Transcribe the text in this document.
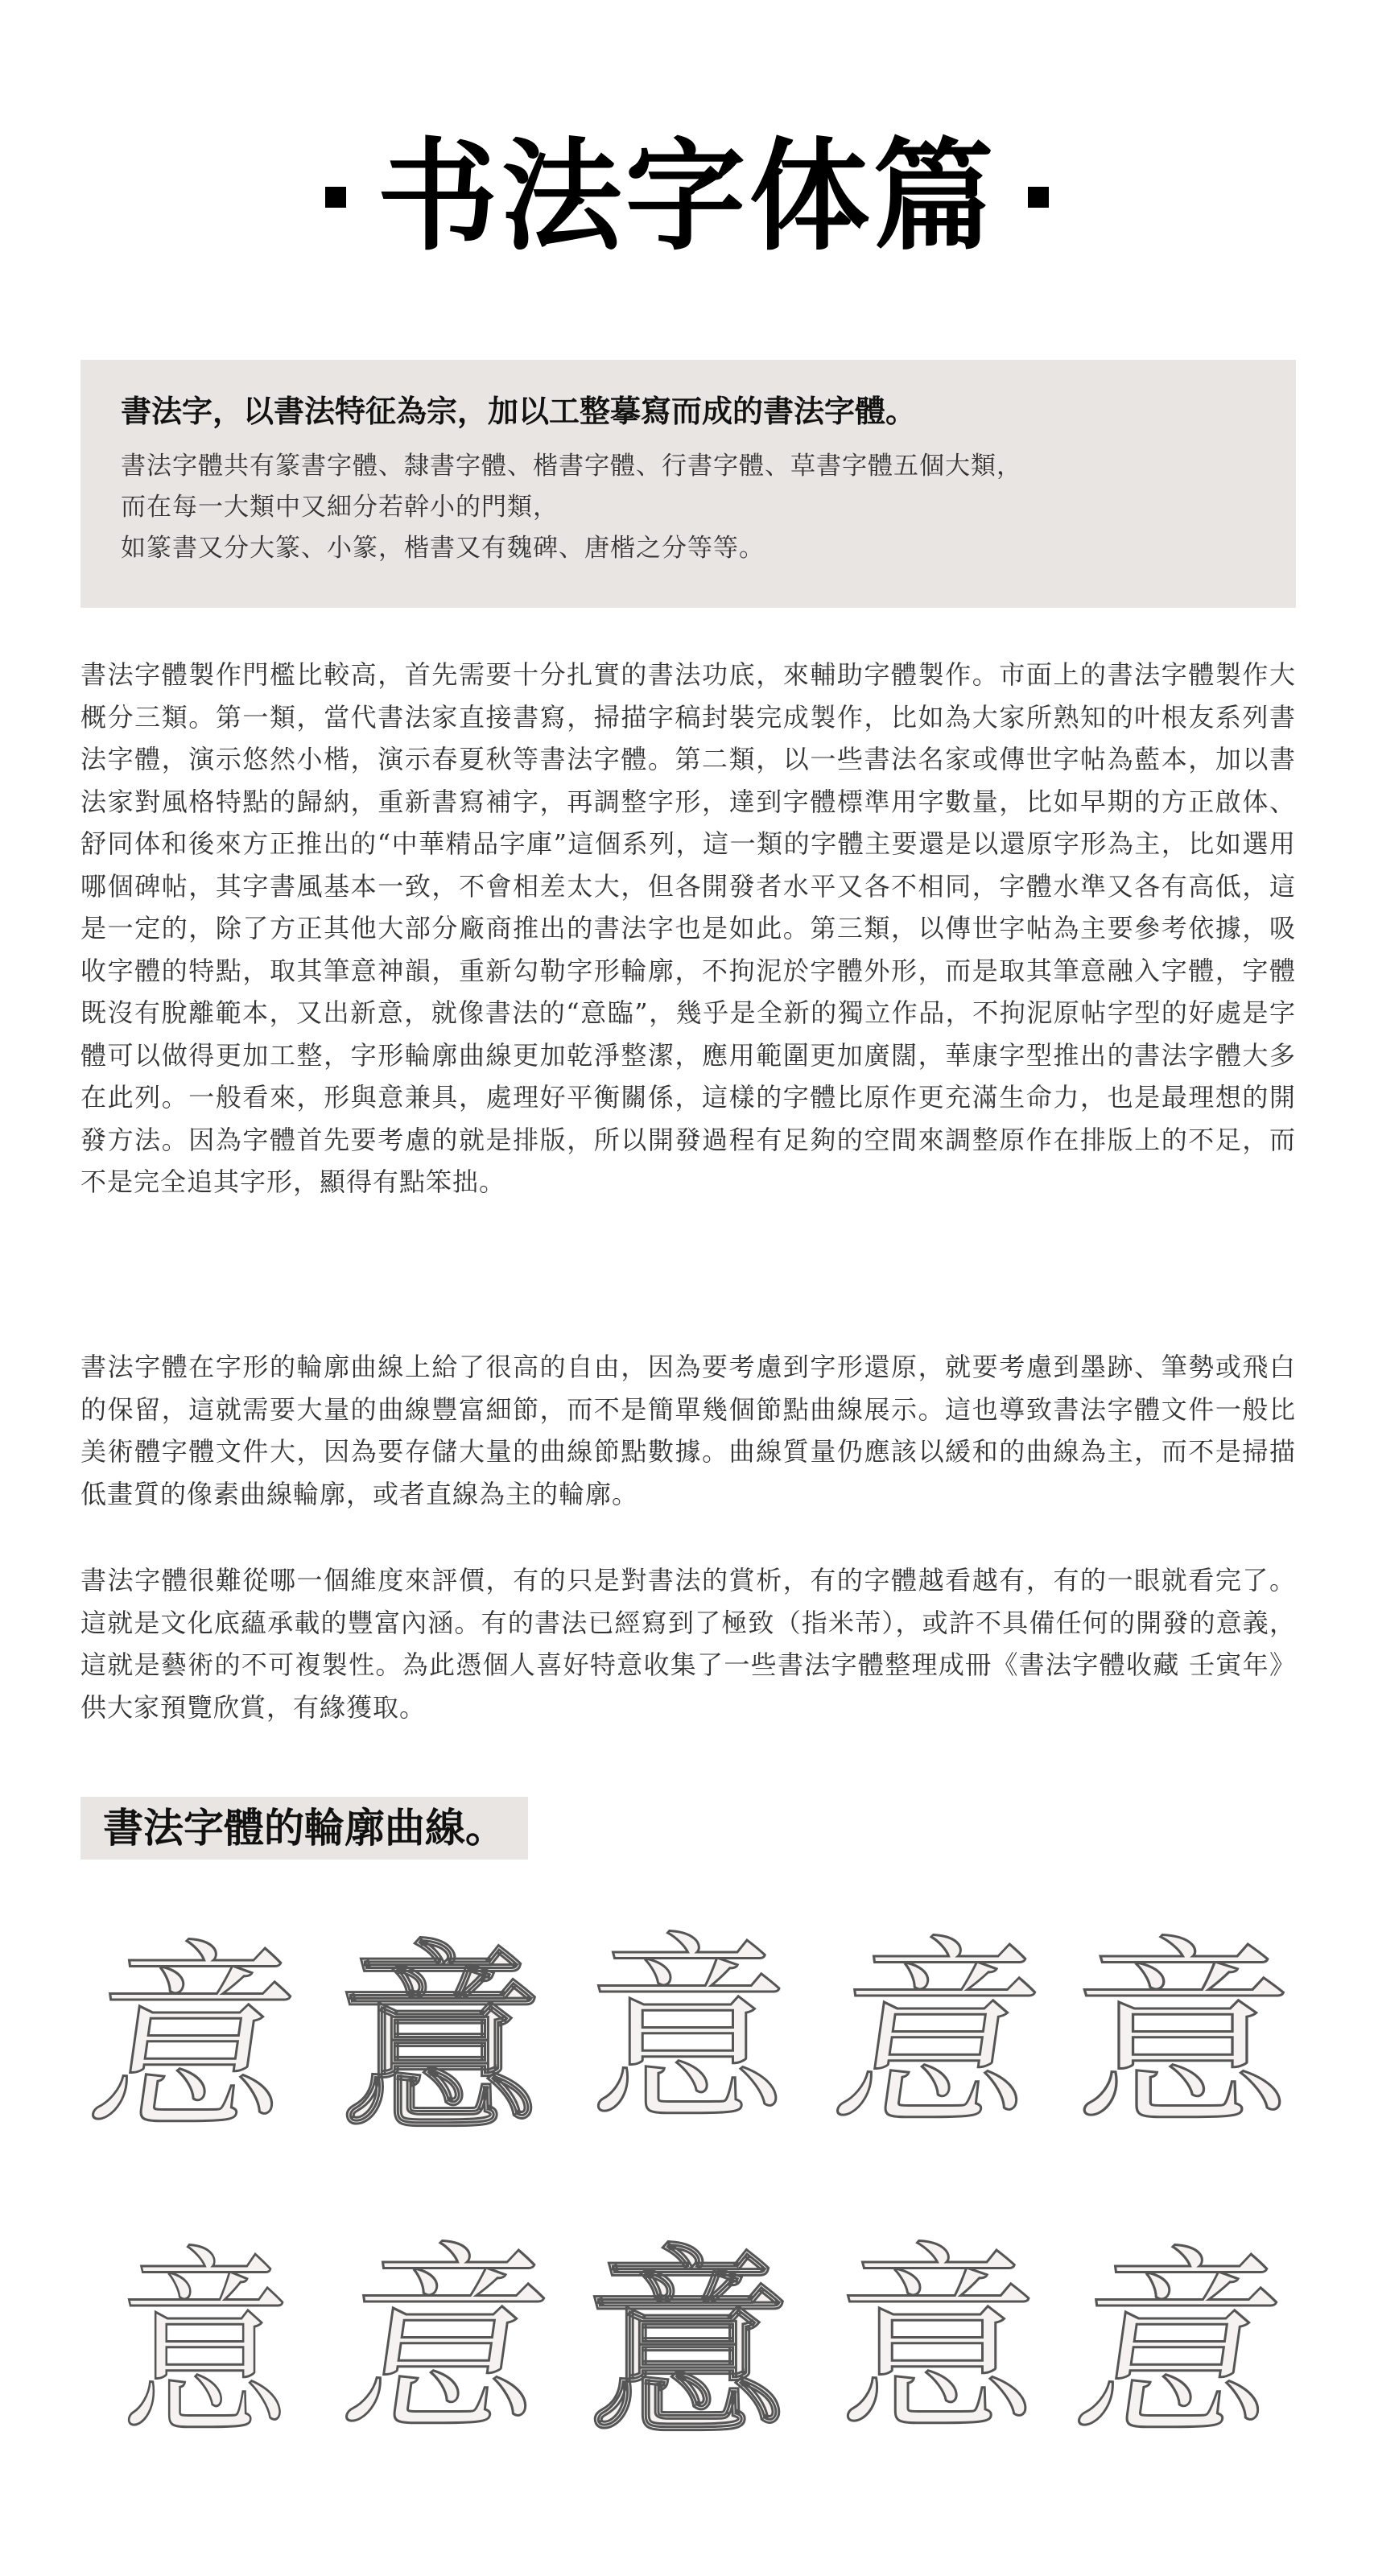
书法字体篇
書法字，以書法特征為宗，加以工整摹寫而成的書法字體。
書法字體共有篆書字體、隸書字體、楷書字體、行書字體、草書字體五個大類，
而在每一大類中又細分若幹小的門類，
如篆書又分大篆、小篆，楷書又有魏碑、唐楷之分等等。

書法字體製作門檻比較高，首先需要十分扎實的書法功底，來輔助字體製作。市面上的書法字體製作大概分三類。第一類，當代書法家直接書寫，掃描字稿封裝完成製作，比如為大家所熟知的叶根友系列書法字體，演示悠然小楷，演示春夏秋等書法字體。第二類，以一些書法名家或傳世字帖為藍本，加以書法家對風格特點的歸納，重新書寫補字，再調整字形，達到字體標準用字數量，比如早期的方正啟体、舒同体和後來方正推出的“中華精品字庫”這個系列，這一類的字體主要還是以還原字形為主，比如選用哪個碑帖，其字書風基本一致，不會相差太大，但各開發者水平又各不相同，字體水準又各有高低，這是一定的，除了方正其他大部分廠商推出的書法字也是如此。第三類，以傳世字帖為主要參考依據，吸收字體的特點，取其筆意神韻，重新勾勒字形輪廓，不拘泥於字體外形，而是取其筆意融入字體，字體既沒有脫離範本，又出新意，就像書法的“意臨”，幾乎是全新的獨立作品，不拘泥原帖字型的好處是字體可以做得更加工整，字形輪廓曲線更加乾淨整潔，應用範圍更加廣闊，華康字型推出的書法字體大多在此列。一般看來，形與意兼具，處理好平衡關係，這樣的字體比原作更充滿生命力，也是最理想的開發方法。因為字體首先要考慮的就是排版，所以開發過程有足夠的空間來調整原作在排版上的不足，而不是完全追其字形，顯得有點笨拙。

書法字體在字形的輪廓曲線上給了很高的自由，因為要考慮到字形還原，就要考慮到墨跡、筆勢或飛白的保留，這就需要大量的曲線豐富細節，而不是簡單幾個節點曲線展示。這也導致書法字體文件一般比美術體字體文件大，因為要存儲大量的曲線節點數據。曲線質量仍應該以緩和的曲線為主，而不是掃描低畫質的像素曲線輪廓，或者直線為主的輪廓。

書法字體很難從哪一個維度來評價，有的只是對書法的賞析，有的字體越看越有，有的一眼就看完了。這就是文化底蘊承載的豐富內涵。有的書法已經寫到了極致（指米芾），或許不具備任何的開發的意義，這就是藝術的不可複製性。為此憑個人喜好特意收集了一些書法字體整理成冊《書法字體收藏 壬寅年》供大家預覽欣賞，有緣獲取。

書法字體的輪廓曲線。
意 意 意 意 意
意 意 意 意 意
